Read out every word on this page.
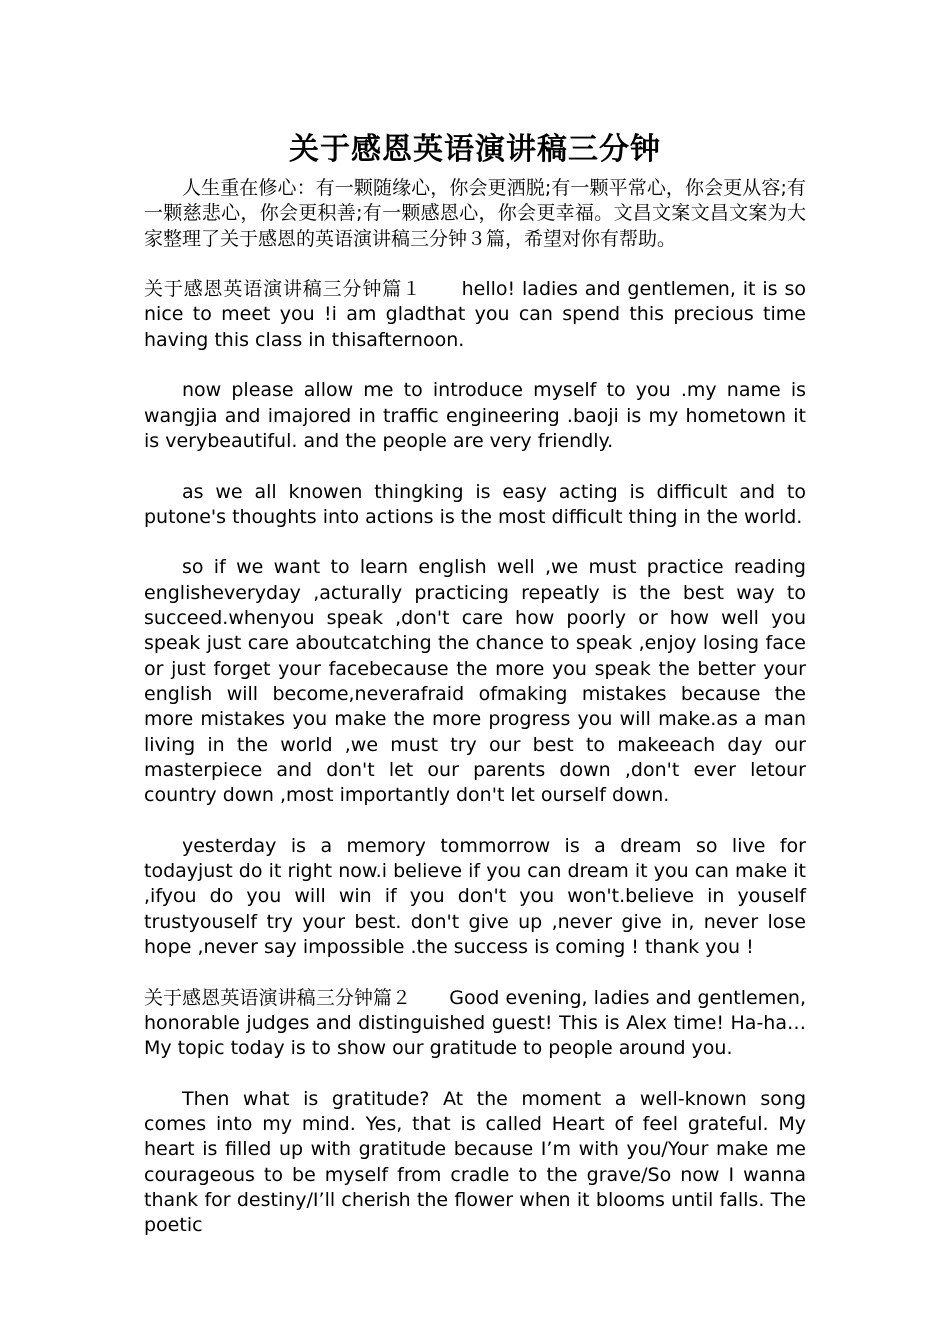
关于感恩英语演讲稿三分钟

人生重在修心：有一颗随缘心，你会更洒脱;有一颗平常心，你会更从容;有一颗慈悲心，你会更积善;有一颗感恩心，你会更幸福。文昌文案文昌文案为大家整理了关于感恩的英语演讲稿三分钟３篇，希望对你有帮助。

关于感恩英语演讲稿三分钟篇１　　hello! ladies and gentlemen, it is so nice to meet you !i am gladthat you can spend this precious time having this class in thisafternoon.

now please allow me to introduce myself to you .my name is wangjia and imajored in traffic engineering .baoji is my hometown it is verybeautiful. and the people are very friendly.

as we all knowen thingking is easy acting is difficult and to putone's thoughts into actions is the most difficult thing in the world.

so if we want to learn english well ,we must practice reading englisheveryday ,acturally practicing repeatly is the best way to succeed.whenyou speak ,don't care how poorly or how well you speak just care aboutcatching the chance to speak ,enjoy losing face or just forget your facebecause the more you speak the better your english will become,neverafraid ofmaking mistakes because the more mistakes you make the more progress you will make.as a man living in the world ,we must try our best to makeeach day our masterpiece and don't let our parents down ,don't ever letour country down ,most importantly don't let ourself down.

yesterday is a memory tommorrow is a dream so live for todayjust do it right now.i believe if you can dream it you can make it ,ifyou do you will win if you don't you won't.believe in youself trustyouself try your best. don't give up ,never give in, never lose hope ,never say impossible .the success is coming ! thank you !

关于感恩英语演讲稿三分钟篇２　　Good evening, ladies and gentlemen, honorable judges and distinguished guest! This is Alex time! Ha-ha…My topic today is to show our gratitude to people around you.

Then what is gratitude? At the moment a well-known song comes into my mind. Yes, that is called Heart of feel grateful. My heart is filled up with gratitude because I’m with you/Your make me courageous to be myself from cradle to the grave/So now I wanna thank for destiny/I’ll cherish the flower when it blooms until falls. The poetic
